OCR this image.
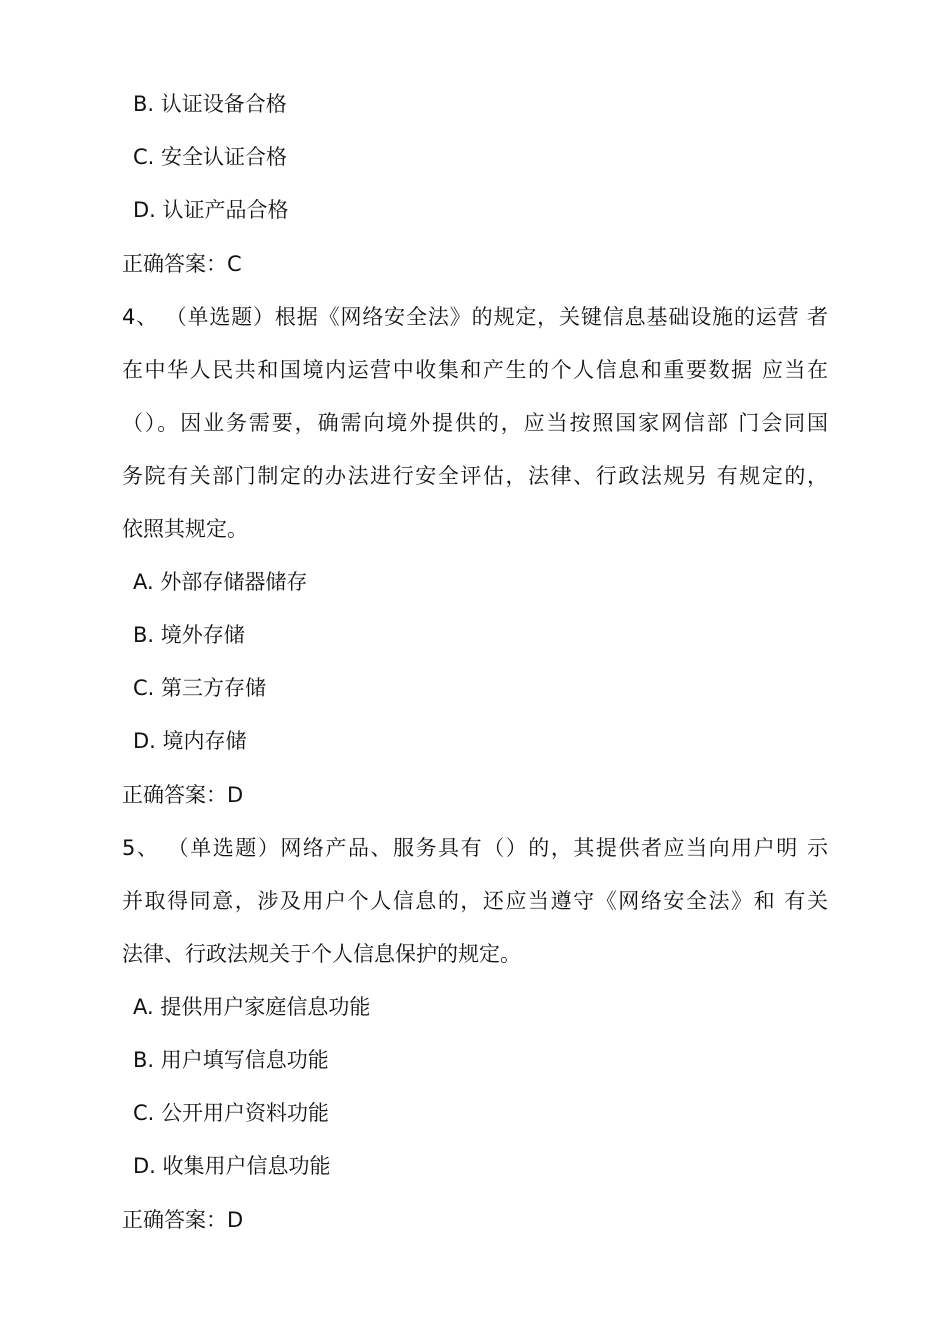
B. 认证设备合格
C. 安全认证合格
D. 认证产品合格
正确答案：C
4、 （单选题）根据《网络安全法》的规定，关键信息基础设施的运营 者
在中华人民共和国境内运营中收集和产生的个人信息和重要数据 应当在
（）。因业务需要，确需向境外提供的，应当按照国家网信部 门会同国
务院有关部门制定的办法进行安全评估，法律、行政法规另 有规定的，
依照其规定。
A. 外部存储器储存
B. 境外存储
C. 第三方存储
D. 境内存储
正确答案：D
5、 （单选题）网络产品、服务具有（）的，其提供者应当向用户明 示
并取得同意，涉及用户个人信息的，还应当遵守《网络安全法》和 有关
法律、行政法规关于个人信息保护的规定。
A. 提供用户家庭信息功能
B. 用户填写信息功能
C. 公开用户资料功能
D. 收集用户信息功能
正确答案：D
